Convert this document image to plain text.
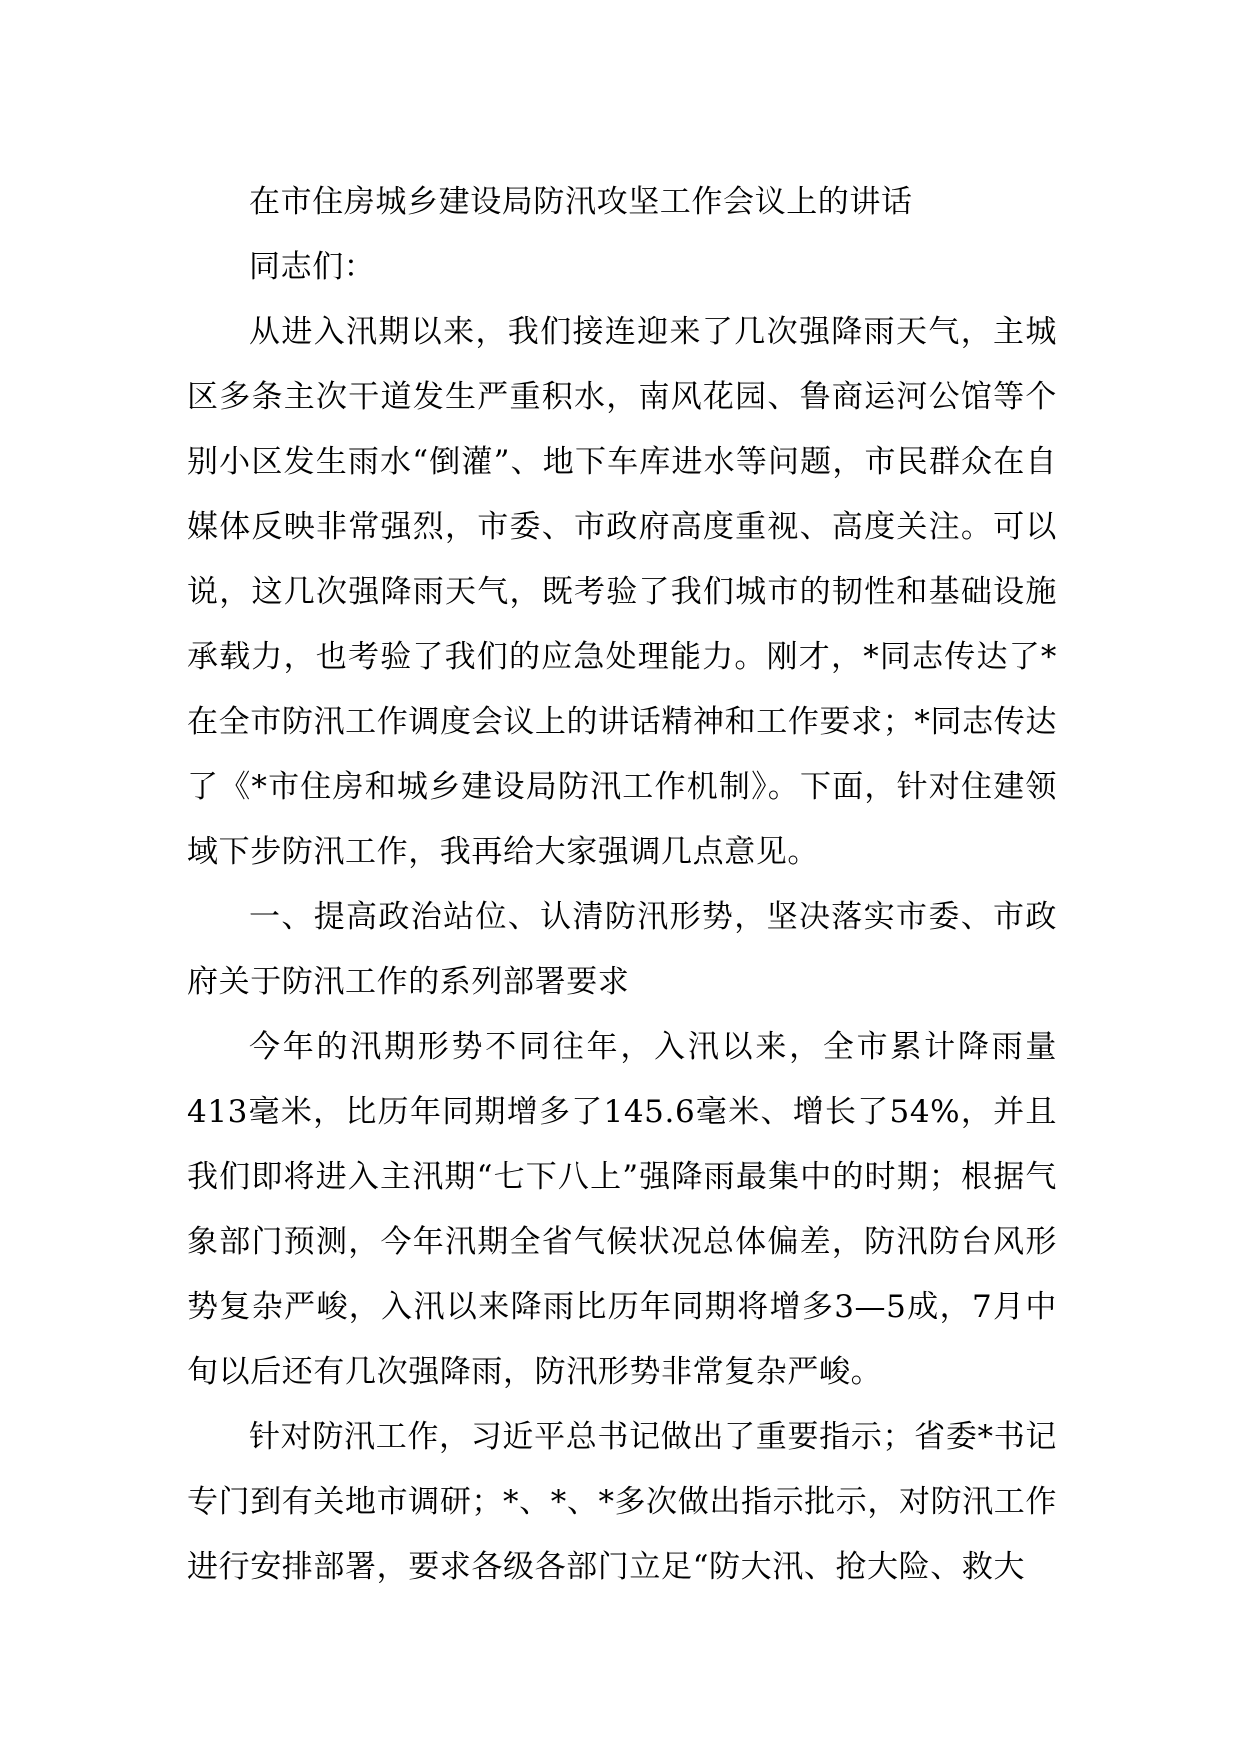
在市住房城乡建设局防汛攻坚工作会议上的讲话

同志们：

从进入汛期以来，我们接连迎来了几次强降雨天气，主城区多条主次干道发生严重积水，南风花园、鲁商运河公馆等个别小区发生雨水“倒灌”、地下车库进水等问题，市民群众在自媒体反映非常强烈，市委、市政府高度重视、高度关注。可以说，这几次强降雨天气，既考验了我们城市的韧性和基础设施承载力，也考验了我们的应急处理能力。刚才，*同志传达了*在全市防汛工作调度会议上的讲话精神和工作要求；*同志传达了《*市住房和城乡建设局防汛工作机制》。下面，针对住建领域下步防汛工作，我再给大家强调几点意见。

一、提高政治站位、认清防汛形势，坚决落实市委、市政府关于防汛工作的系列部署要求

今年的汛期形势不同往年，入汛以来，全市累计降雨量413毫米，比历年同期增多了145.6毫米、增长了54%，并且我们即将进入主汛期“七下八上”强降雨最集中的时期；根据气象部门预测，今年汛期全省气候状况总体偏差，防汛防台风形势复杂严峻，入汛以来降雨比历年同期将增多3—5成，7月中旬以后还有几次强降雨，防汛形势非常复杂严峻。

针对防汛工作，习近平总书记做出了重要指示；省委*书记专门到有关地市调研；*、*、*多次做出指示批示，对防汛工作进行安排部署，要求各级各部门立足“防大汛、抢大险、救大
